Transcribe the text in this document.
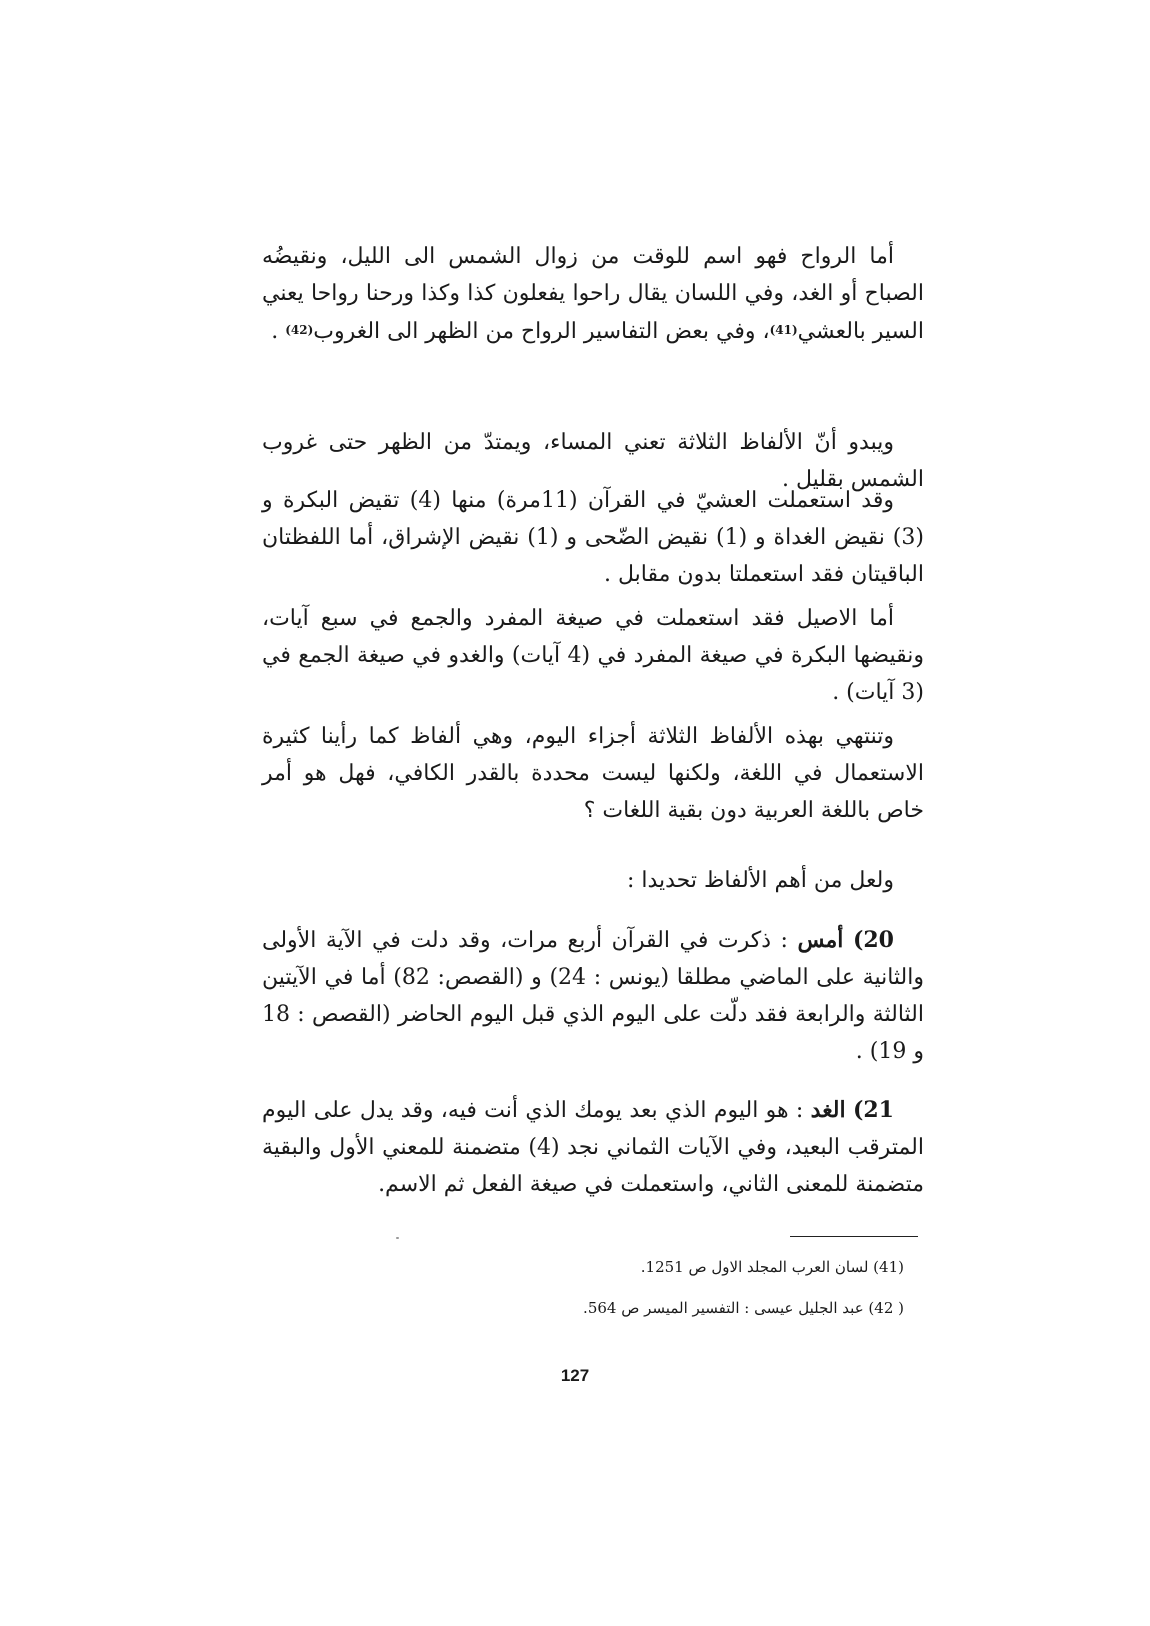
أما الرواح فهو اسم للوقت من زوال الشمس الى الليل، ونقيضُه الصباح أو الغد، وفي اللسان يقال راحوا يفعلون كذا وكذا ورحنا رواحا يعني السير بالعشي(41)، وفي بعض التفاسير الرواح من الظهر الى الغروب(42) .

ويبدو أنّ الألفاظ الثلاثة تعني المساء، ويمتدّ من الظهر حتى غروب الشمس بقليل .

وقد استعملت العشيّ في القرآن (11مرة) منها (4) تقيض البكرة و (3) نقيض الغداة و (1) نقيض الضّحى و (1) نقيض الإشراق، أما اللفظتان الباقيتان فقد استعملتا بدون مقابل .

أما الاصيل فقد استعملت في صيغة المفرد والجمع في سبع آيات، ونقيضها البكرة في صيغة المفرد في (4 آيات) والغدو في صيغة الجمع في (3 آيات) .

وتنتهي بهذه الألفاظ الثلاثة أجزاء اليوم، وهي ألفاظ كما رأينا كثيرة الاستعمال في اللغة، ولكنها ليست محددة بالقدر الكافي، فهل هو أمر خاص باللغة العربية دون بقية اللغات ؟

ولعل من أهم الألفاظ تحديدا :

20) أمس : ذكرت في القرآن أربع مرات، وقد دلت في الآية الأولى والثانية على الماضي مطلقا (يونس : 24) و (القصص: 82) أما في الآيتين الثالثة والرابعة فقد دلّت على اليوم الذي قبل اليوم الحاضر (القصص : 18 و 19) .

21) الغد : هو اليوم الذي بعد يومك الذي أنت فيه، وقد يدل على اليوم المترقب البعيد، وفي الآيات الثماني نجد (4) متضمنة للمعني الأول والبقية متضمنة للمعنى الثاني، واستعملت في صيغة الفعل ثم الاسم.

(41) لسان العرب المجلد الاول ص 1251.
( 42) عبد الجليل عيسى : التفسير الميسر ص 564.
127
